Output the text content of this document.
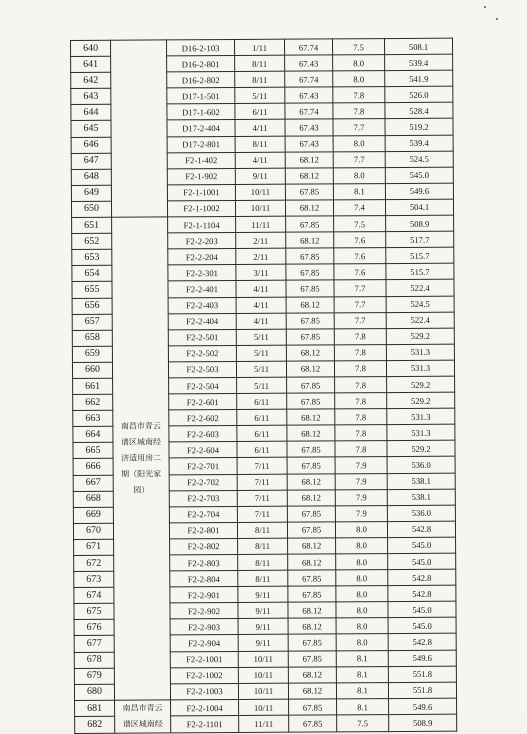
640		D16-2-103	1/11	67.74	7.5	508.1
641		D16-2-801	8/11	67.43	8.0	539.4
642		D16-2-802	8/11	67.74	8.0	541.9
643		D17-1-501	5/11	67.43	7.8	526.0
644		D17-1-602	6/11	67.74	7.8	528.4
645		D17-2-404	4/11	67.43	7.7	519.2
646		D17-2-801	8/11	67.43	8.0	539.4
647		F2-1-402	4/11	68.12	7.7	524.5
648		F2-1-902	9/11	68.12	8.0	545.0
649		F2-1-1001	10/11	67.85	8.1	549.6
650		F2-1-1002	10/11	68.12	7.4	504.1
651	南昌市青云谱区城南经济适用房二期（阳光家园）	F2-1-1104	11/11	67.85	7.5	508.9
652		F2-2-203	2/11	68.12	7.6	517.7
653		F2-2-204	2/11	67.85	7.6	515.7
654		F2-2-301	3/11	67.85	7.6	515.7
655		F2-2-401	4/11	67.85	7.7	522.4
656		F2-2-403	4/11	68.12	7.7	524.5
657		F2-2-404	4/11	67.85	7.7	522.4
658		F2-2-501	5/11	67.85	7.8	529.2
659		F2-2-502	5/11	68.12	7.8	531.3
660		F2-2-503	5/11	68.12	7.8	531.3
661		F2-2-504	5/11	67.85	7.8	529.2
662		F2-2-601	6/11	67.85	7.8	529.2
663		F2-2-602	6/11	68.12	7.8	531.3
664		F2-2-603	6/11	68.12	7.8	531.3
665		F2-2-604	6/11	67.85	7.8	529.2
666		F2-2-701	7/11	67.85	7.9	536.0
667		F2-2-702	7/11	68.12	7.9	538.1
668		F2-2-703	7/11	68.12	7.9	538.1
669		F2-2-704	7/11	67.85	7.9	536.0
670		F2-2-801	8/11	67.85	8.0	542.8
671		F2-2-802	8/11	68.12	8.0	545.0
672		F2-2-803	8/11	68.12	8.0	545.0
673		F2-2-804	8/11	67.85	8.0	542.8
674		F2-2-901	9/11	67.85	8.0	542.8
675		F2-2-902	9/11	68.12	8.0	545.0
676		F2-2-903	9/11	68.12	8.0	545.0
677		F2-2-904	9/11	67.85	8.0	542.8
678		F2-2-1001	10/11	67.85	8.1	549.6
679		F2-2-1002	10/11	68.12	8.1	551.8
680		F2-2-1003	10/11	68.12	8.1	551.8
681	南昌市青云谱区城南经	F2-2-1004	10/11	67.85	8.1	549.6
682		F2-2-1101	11/11	67.85	7.5	508.9
